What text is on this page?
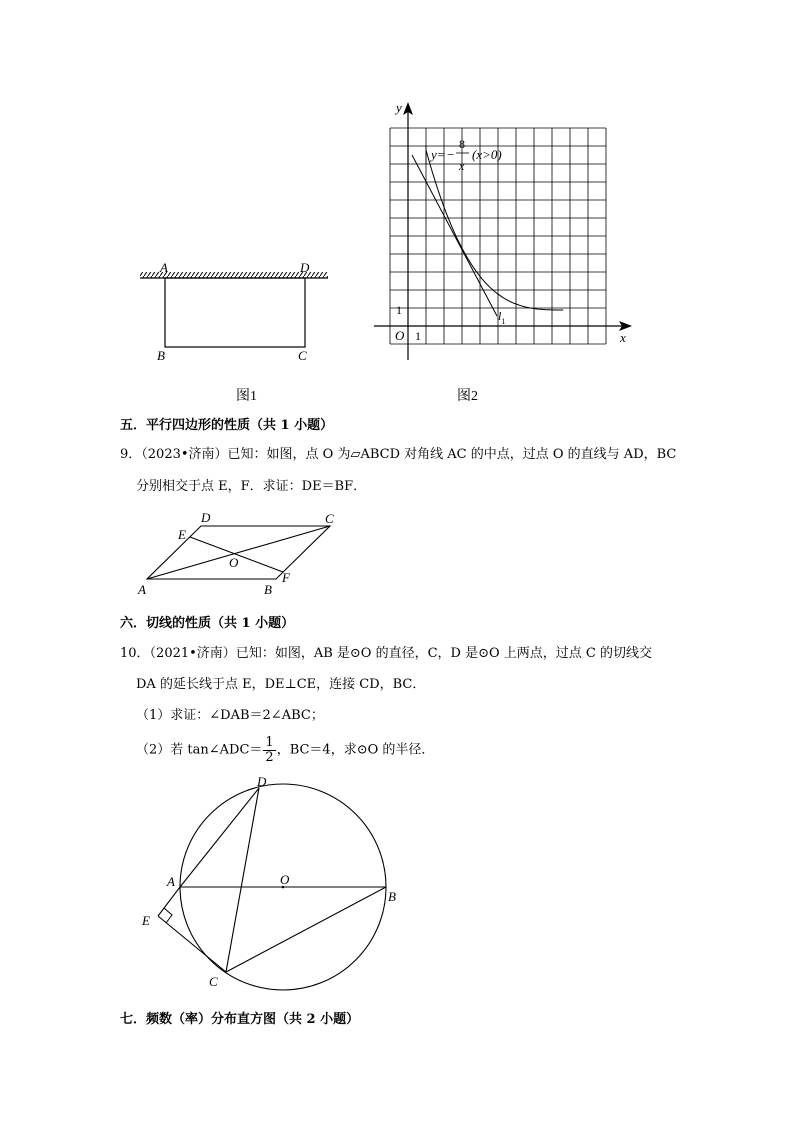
A	D
B	C
图1
y
x
O 1
1	$l_1$
y= −
8
x
(x>0)
图2
五．平行四边形的性质（共 1 小题）
9．（2023•济南）已知：如图，点 O 为▱ABCD 对角线 AC 的中点，过点 O 的直线与 AD，BC
分别相交于点 E，F．求证：DE＝BF．
D	C
E
O
F
A	B
六．切线的性质（共 1 小题）
10．（2021•济南）已知：如图，AB 是⊙O 的直径，C，D 是⊙O 上两点，过点 C 的切线交
DA 的延长线于点 E，DE⊥CE，连接 CD，BC．
（1）求证：∠DAB＝2∠ABC；
（2）若 tan∠ADC＝ $\frac{1}{2}$ ，BC＝4，求⊙O 的半径．
D
A	O
B
E
C
七．频数（率）分布直方图（共 2 小题）
